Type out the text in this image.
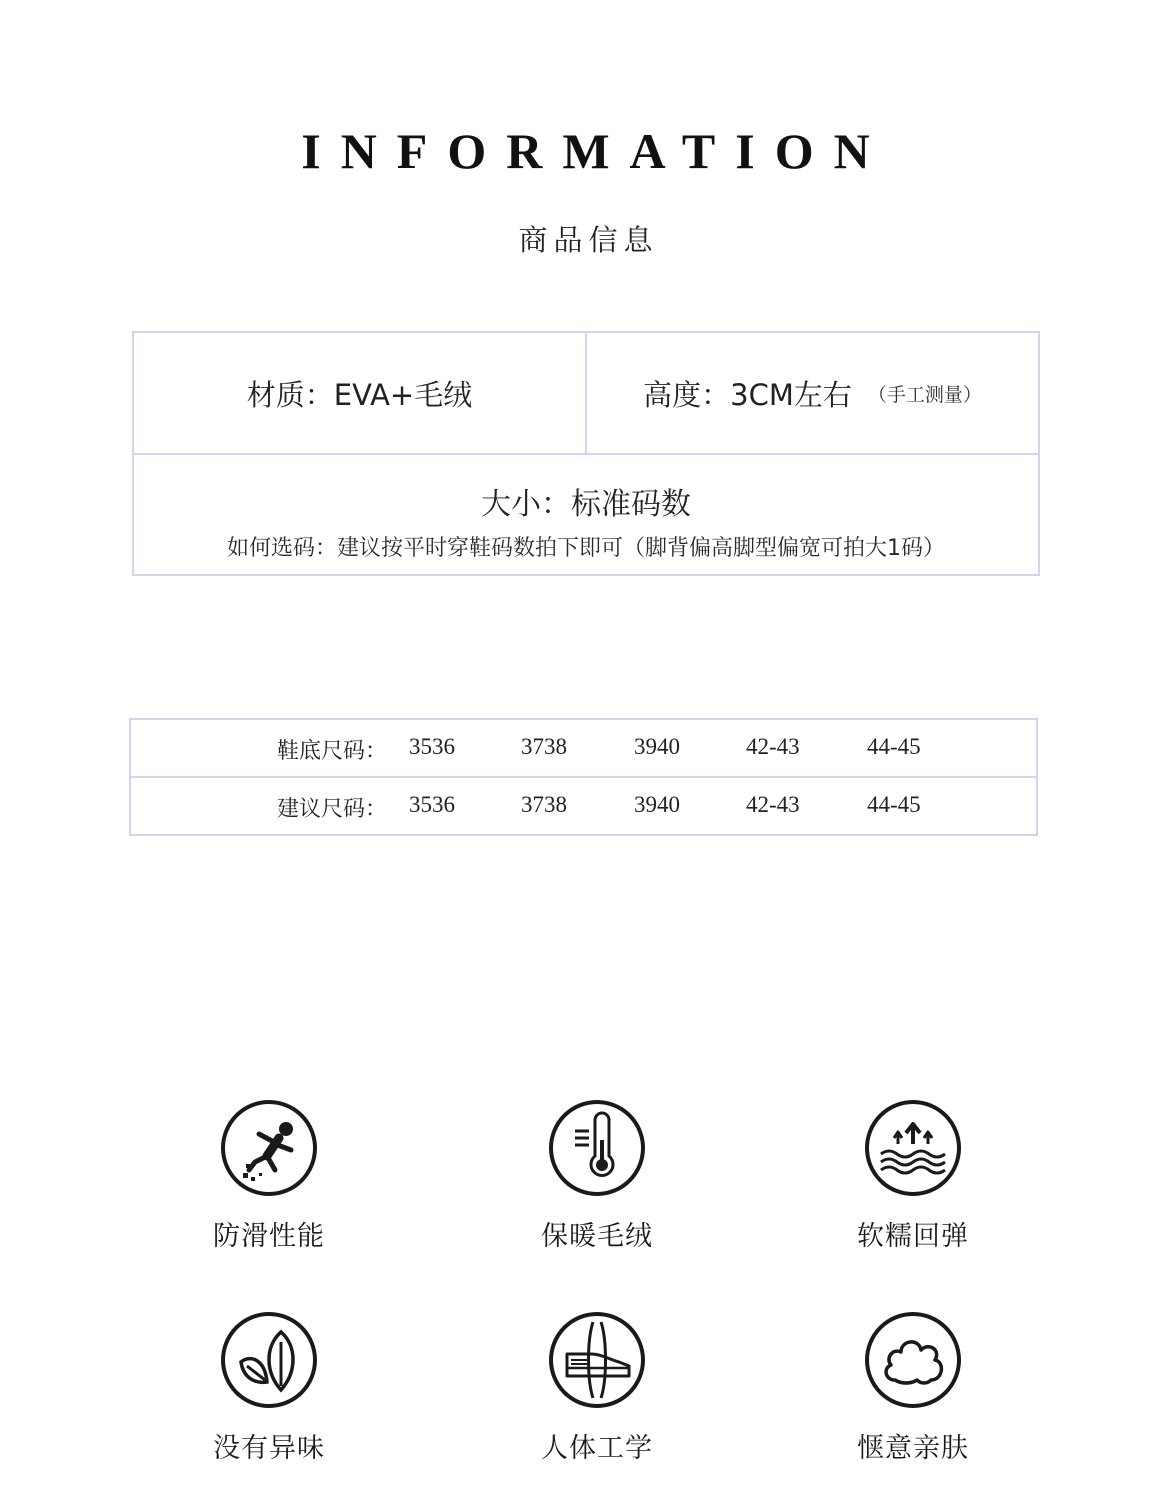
INFORMATION
商品信息
材质：EVA+毛绒	高度：3CM左右 （手工测量）
大小：标准码数
如何选码：建议按平时穿鞋码数拍下即可（脚背偏高脚型偏宽可拍大1码）
鞋底尺码： 3536	3738	3940	42-43	44-45
建议尺码： 3536	3738	3940	42-43	44-45
防滑性能	保暖毛绒	软糯回弹
没有异味	人体工学	惬意亲肤
